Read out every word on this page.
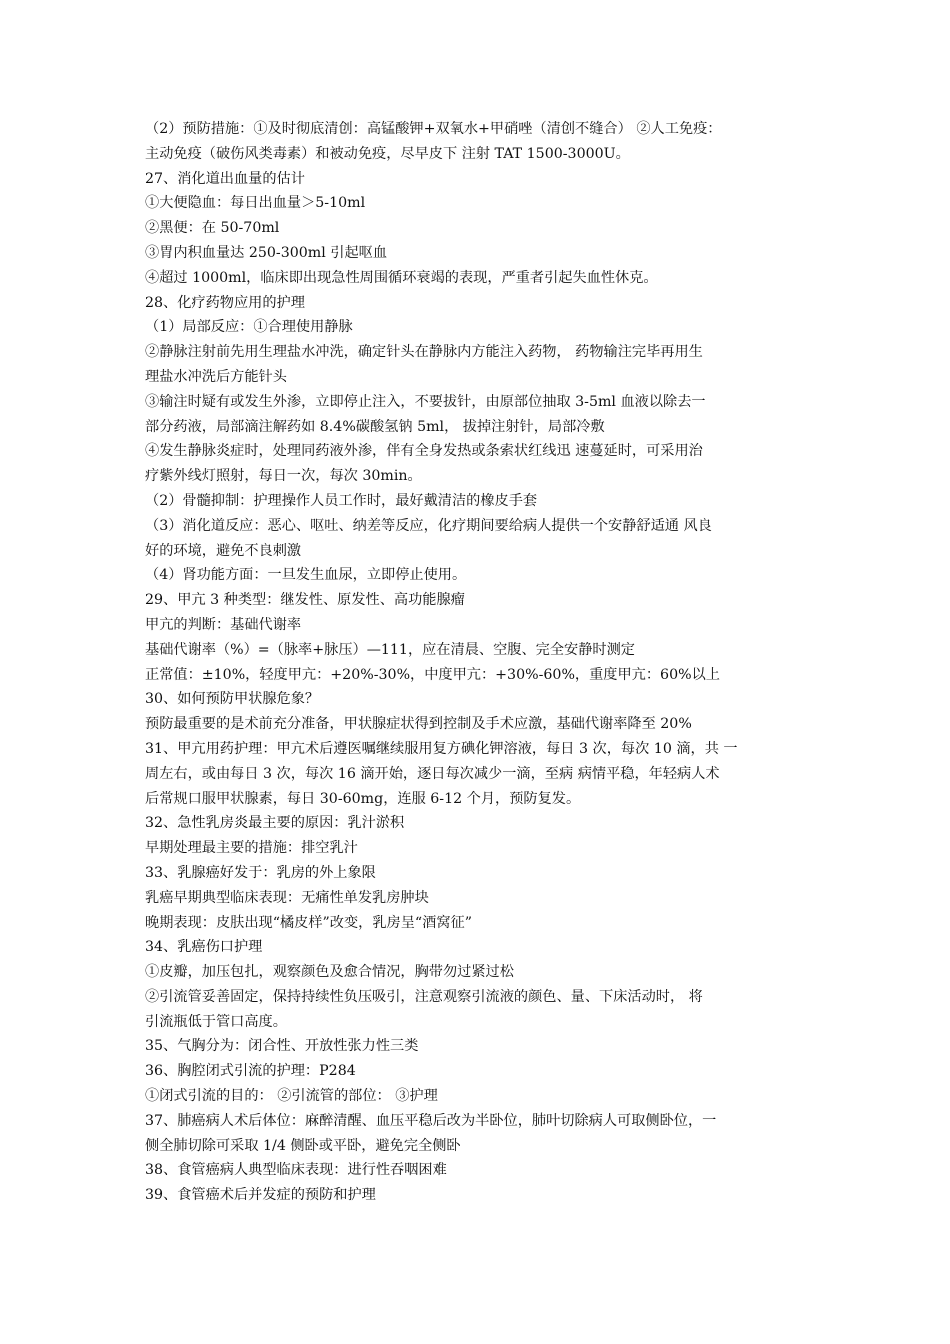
（2）预防措施：①及时彻底清创：高锰酸钾+双氧水+甲硝唑（清创不缝合） ②人工免疫：
主动免疫（破伤风类毒素）和被动免疫，尽早皮下 注射 TAT 1500-3000U。
27、消化道出血量的估计
①大便隐血：每日出血量＞5-10ml
②黑便：在 50-70ml
③胃内积血量达 250-300ml 引起呕血
④超过 1000ml，临床即出现急性周围循环衰竭的表现，严重者引起失血性休克。
28、化疗药物应用的护理
（1）局部反应：①合理使用静脉
②静脉注射前先用生理盐水冲洗，确定针头在静脉内方能注入药物， 药物输注完毕再用生
理盐水冲洗后方能针头
③输注时疑有或发生外渗，立即停止注入，不要拔针，由原部位抽取 3-5ml 血液以除去一
部分药液，局部滴注解药如 8.4%碳酸氢钠 5ml， 拔掉注射针，局部冷敷
④发生静脉炎症时，处理同药液外渗，伴有全身发热或条索状红线迅 速蔓延时，可采用治
疗紫外线灯照射，每日一次，每次 30min。
（2）骨髓抑制：护理操作人员工作时，最好戴清洁的橡皮手套
（3）消化道反应：恶心、呕吐、纳差等反应，化疗期间要给病人提供一个安静舒适通 风良
好的环境，避免不良刺激
（4）肾功能方面：一旦发生血尿，立即停止使用。
29、甲亢 3 种类型：继发性、原发性、高功能腺瘤
甲亢的判断：基础代谢率
基础代谢率（%）=（脉率+脉压）—111，应在清晨、空腹、完全安静时测定
正常值：±10%，轻度甲亢：+20%-30%，中度甲亢：+30%-60%，重度甲亢：60%以上
30、如何预防甲状腺危象？
预防最重要的是术前充分准备，甲状腺症状得到控制及手术应激，基础代谢率降至 20%
31、甲亢用药护理：甲亢术后遵医嘱继续服用复方碘化钾溶液，每日 3 次，每次 10 滴，共 一
周左右，或由每日 3 次，每次 16 滴开始，逐日每次减少一滴，至病 病情平稳，年轻病人术
后常规口服甲状腺素，每日 30-60mg，连服 6-12 个月，预防复发。
32、急性乳房炎最主要的原因：乳汁淤积
早期处理最主要的措施：排空乳汁
33、乳腺癌好发于：乳房的外上象限
乳癌早期典型临床表现：无痛性单发乳房肿块
晚期表现：皮肤出现“橘皮样”改变，乳房呈“酒窝征”
34、乳癌伤口护理
①皮瓣，加压包扎，观察颜色及愈合情况，胸带勿过紧过松
②引流管妥善固定，保持持续性负压吸引，注意观察引流液的颜色、量、下床活动时， 将
引流瓶低于管口高度。
35、气胸分为：闭合性、开放性张力性三类
36、胸腔闭式引流的护理：P284
①闭式引流的目的： ②引流管的部位： ③护理
37、肺癌病人术后体位：麻醉清醒、血压平稳后改为半卧位，肺叶切除病人可取侧卧位，一
侧全肺切除可采取 1/4 侧卧或平卧，避免完全侧卧
38、食管癌病人典型临床表现：进行性吞咽困难
39、食管癌术后并发症的预防和护理
